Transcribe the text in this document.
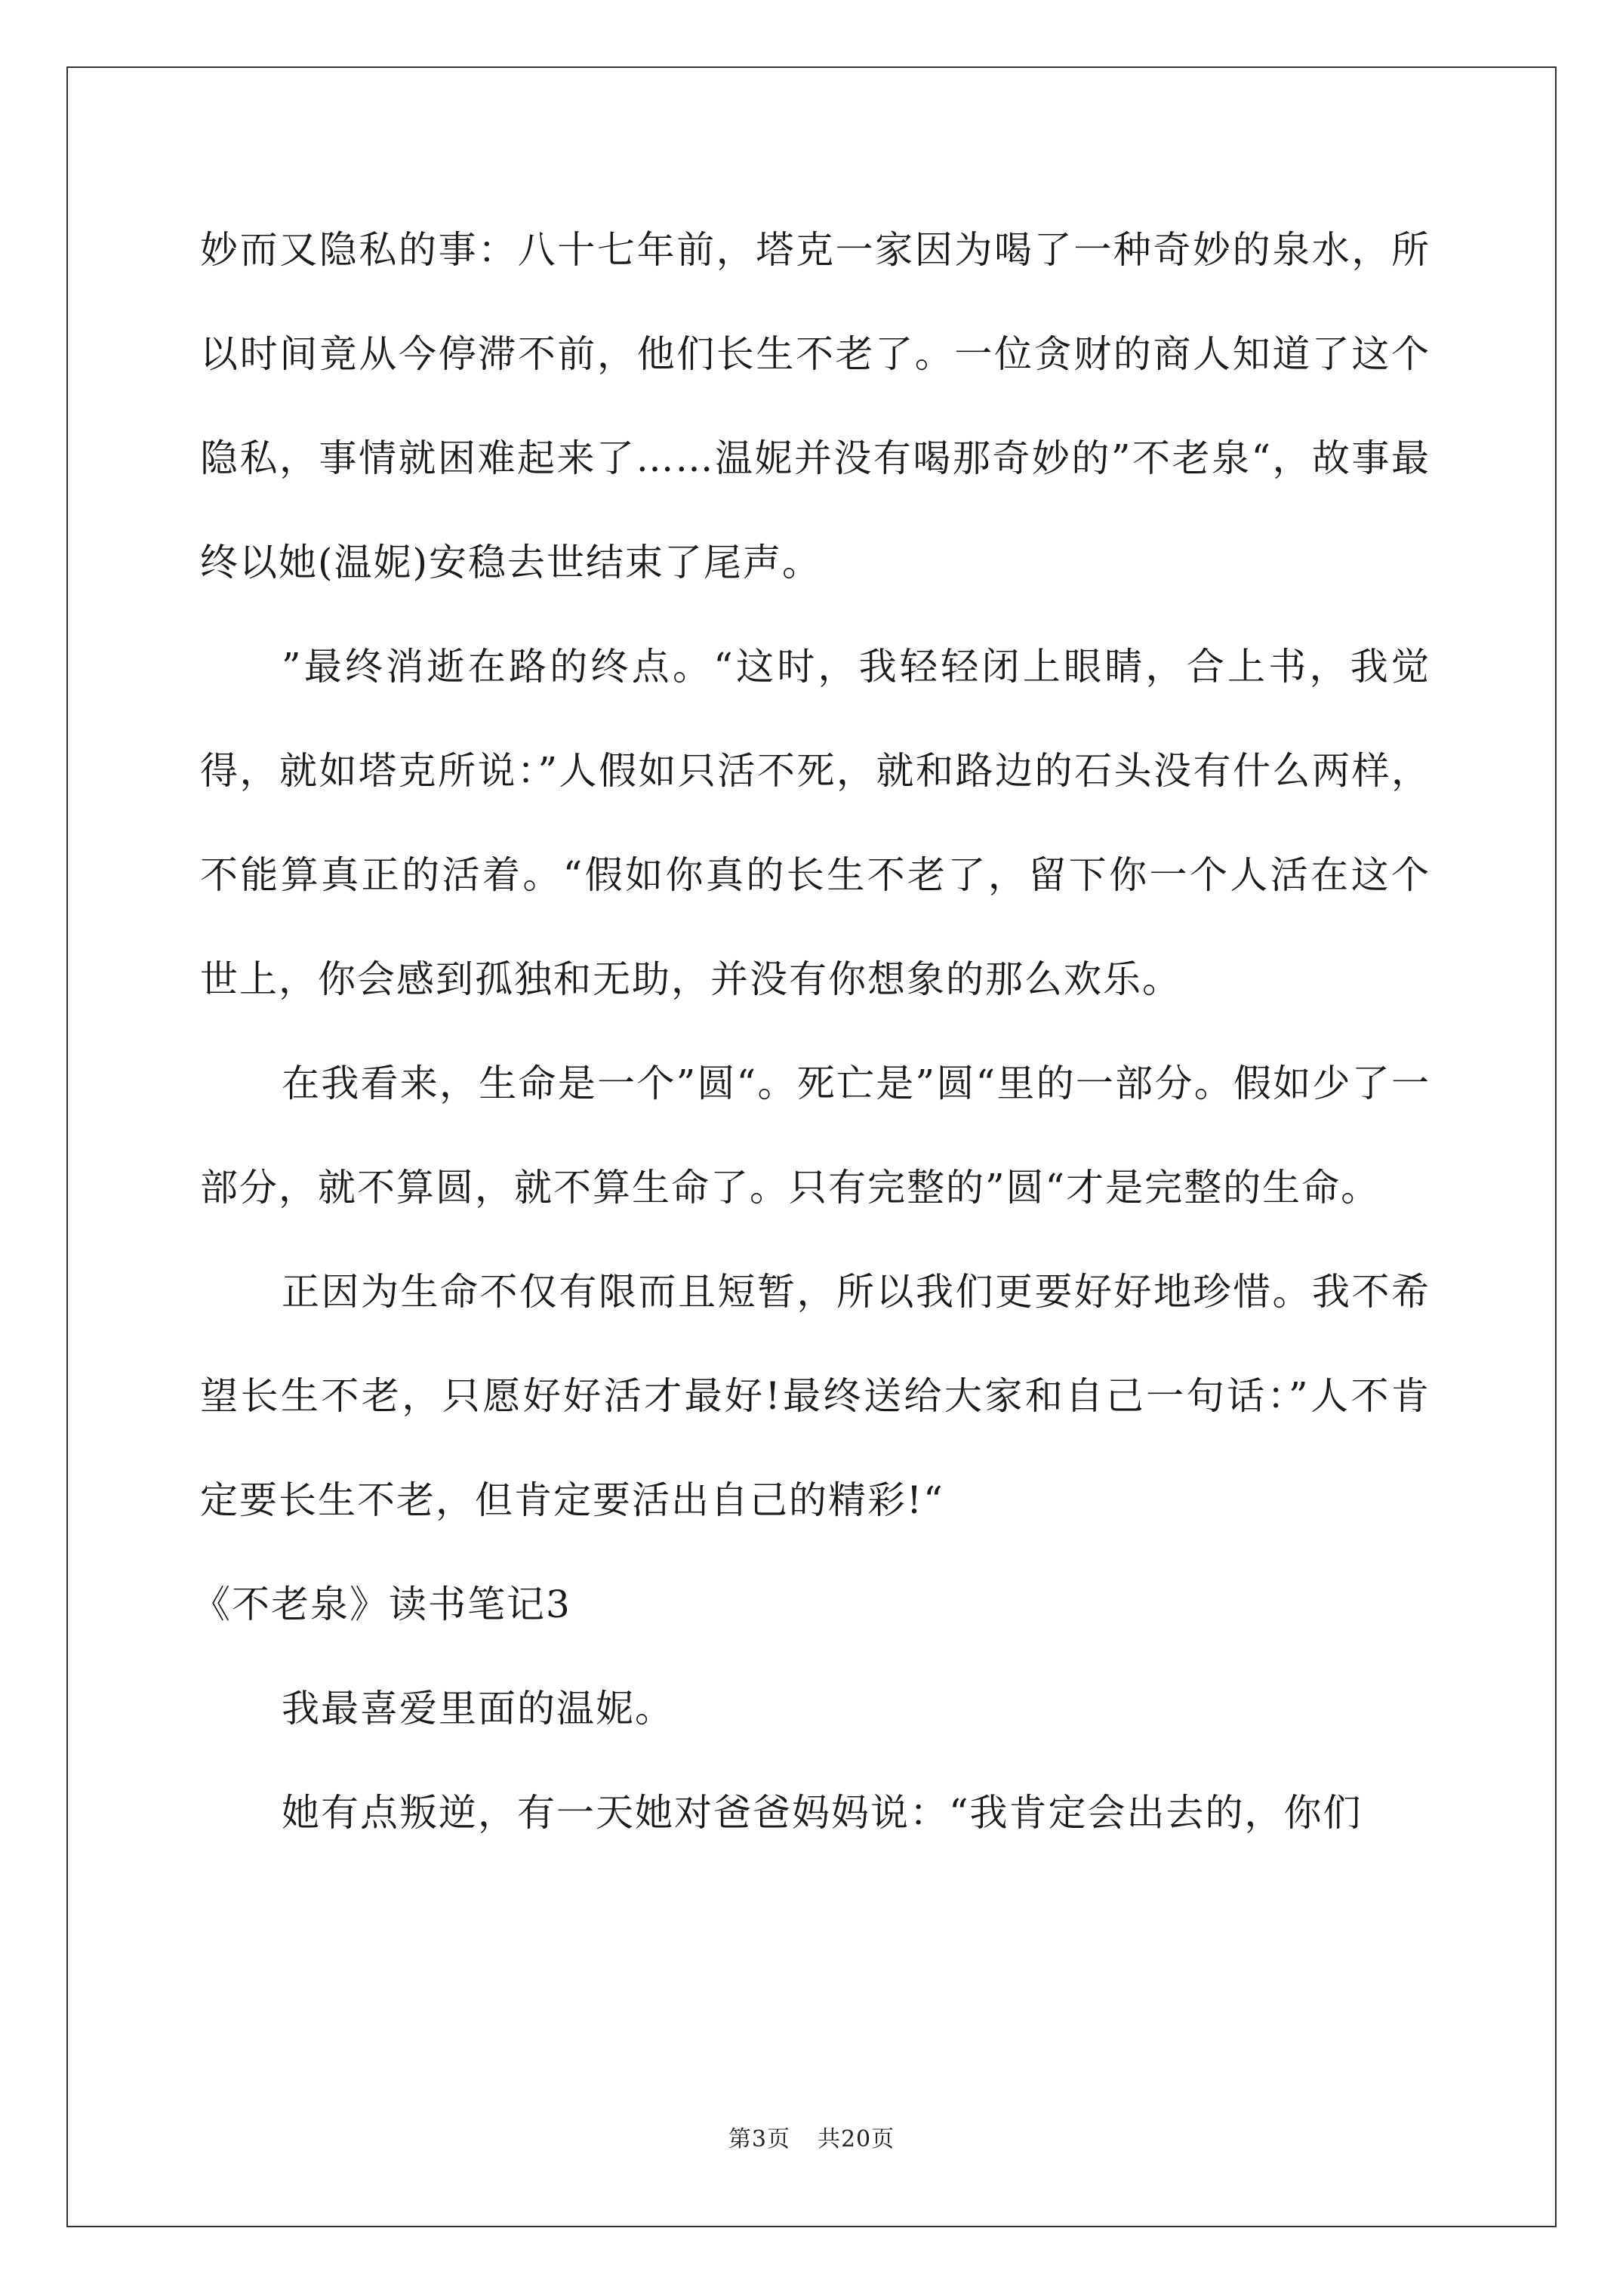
妙而又隐私的事：八十七年前，塔克一家因为喝了一种奇妙的泉水，所以时间竟从今停滞不前，他们长生不老了。一位贪财的商人知道了这个隐私，事情就困难起来了……温妮并没有喝那奇妙的”不老泉“，故事最终以她(温妮)安稳去世结束了尾声。

”最终消逝在路的终点。“这时，我轻轻闭上眼睛，合上书，我觉得，就如塔克所说：”人假如只活不死，就和路边的石头没有什么两样，不能算真正的活着。“假如你真的长生不老了，留下你一个人活在这个世上，你会感到孤独和无助，并没有你想象的那么欢乐。

在我看来，生命是一个”圆“。死亡是”圆“里的一部分。假如少了一部分，就不算圆，就不算生命了。只有完整的”圆“才是完整的生命。

正因为生命不仅有限而且短暂，所以我们更要好好地珍惜。我不希望长生不老，只愿好好活才最好!最终送给大家和自己一句话：”人不肯定要长生不老，但肯定要活出自己的精彩!“

《不老泉》读书笔记3

我最喜爱里面的温妮。

她有点叛逆，有一天她对爸爸妈妈说：“我肯定会出去的，你们

第3页 共20页
